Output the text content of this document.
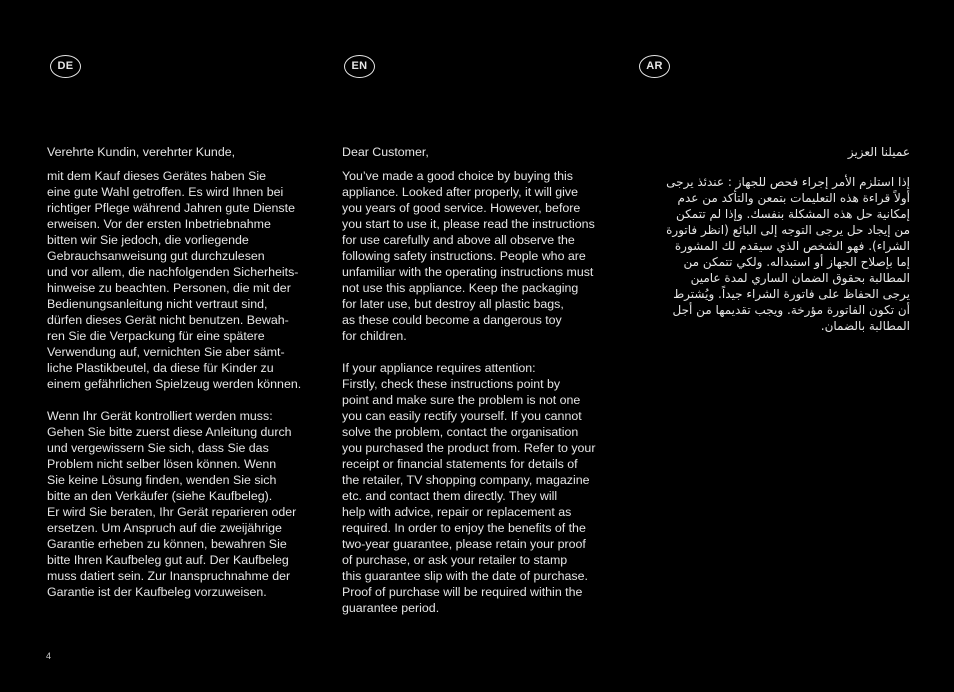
DE	EN	AR

Verehrte Kundin, verehrter Kunde,

mit dem Kauf dieses Gerätes haben Sie
eine gute Wahl getroffen. Es wird Ihnen bei
richtiger Pflege während Jahren gute Dienste
erweisen. Vor der ersten Inbetriebnahme
bitten wir Sie jedoch, die vorliegende
Gebrauchsanweisung gut durchzulesen
und vor allem, die nachfolgenden Sicherheits-
hinweise zu beachten. Personen, die mit der
Bedienungsanleitung nicht vertraut sind,
dürfen dieses Gerät nicht benutzen. Bewah-
ren Sie die Verpackung für eine spätere
Verwendung auf, vernichten Sie aber sämt-
liche Plastikbeutel, da diese für Kinder zu
einem gefährlichen Spielzeug werden können.

Wenn Ihr Gerät kontrolliert werden muss:
Gehen Sie bitte zuerst diese Anleitung durch
und vergewissern Sie sich, dass Sie das
Problem nicht selber lösen können. Wenn
Sie keine Lösung finden, wenden Sie sich
bitte an den Verkäufer (siehe Kaufbeleg).
Er wird Sie beraten, Ihr Gerät reparieren oder
ersetzen. Um Anspruch auf die zweijährige
Garantie erheben zu können, bewahren Sie
bitte Ihren Kaufbeleg gut auf. Der Kaufbeleg
muss datiert sein. Zur Inanspruchnahme der
Garantie ist der Kaufbeleg vorzuweisen.

Dear Customer,

You’ve made a good choice by buying this
appliance. Looked after properly, it will give
you years of good service. However, before
you start to use it, please read the instructions
for use carefully and above all observe the
following safety instructions. People who are
unfamiliar with the operating instructions must
not use this appliance. Keep the packaging
for later use, but destroy all plastic bags,
as these could become a dangerous toy
for children.

If your appliance requires attention:
Firstly, check these instructions point by
point and make sure the problem is not one
you can easily rectify yourself. If you cannot
solve the problem, contact the organisation
you purchased the product from. Refer to your
receipt or financial statements for details of
the retailer, TV shopping company, magazine
etc. and contact them directly. They will
help with advice, repair or replacement as
required. In order to enjoy the benefits of the
two-year guarantee, please retain your proof
of purchase, or ask your retailer to stamp
this guarantee slip with the date of purchase.
Proof of purchase will be required within the
guarantee period.

عميلنا العزيز

إذا استلزم الأمر إجراء فحص للجهاز : عندئذ يرجى
أولاً قراءة هذه التعليمات بتمعن والتأكد من عدم
إمكانية حل هذه المشكلة بنفسك. وإذا لم تتمكن
من إيجاد حل يرجى التوجه إلى البائع (انظر فاتورة
الشراء). فهو الشخص الذي سيقدم لك المشورة
إما بإصلاح الجهاز أو استبداله. ولكي تتمكن من
المطالبة بحقوق الضمان الساري لمدة عامين
يرجى الحفاظ على فاتورة الشراء جيداً. ويُشترط
أن تكون الفاتورة مؤرخة. ويجب تقديمها من أجل
المطالبة بالضمان.

4
